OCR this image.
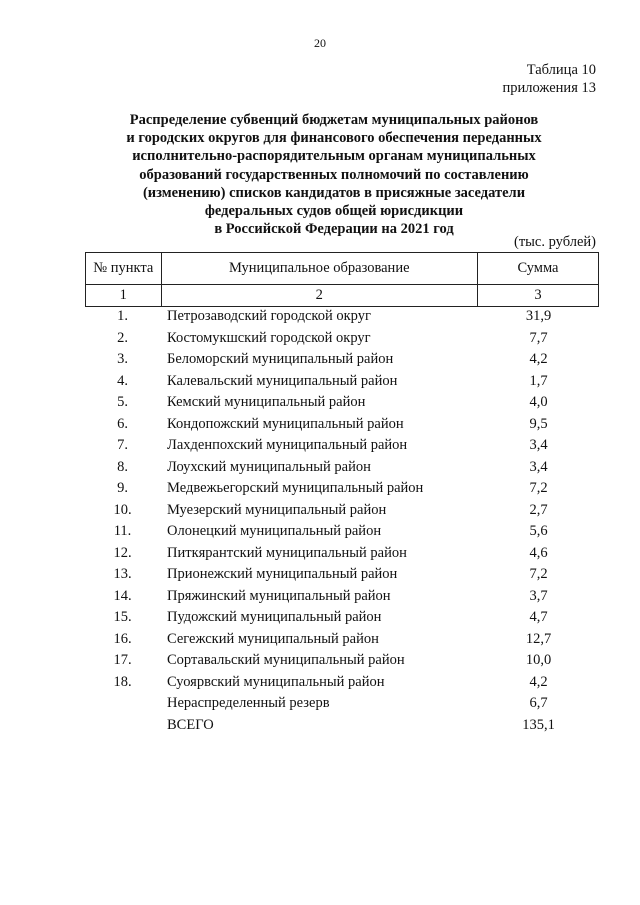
20
Таблица 10
приложения 13
Распределение субвенций бюджетам муниципальных районов
и городских округов для финансового обеспечения переданных
исполнительно-распорядительным органам муниципальных
образований государственных полномочий по составлению
(изменению) списков кандидатов в присяжные заседатели
федеральных судов общей юрисдикции
в Российской Федерации на 2021 год
(тыс. рублей)
№ пункта	Муниципальное образование	Сумма
1	2	3
1.	Петрозаводский городской округ	31,9
2.	Костомукшский городской округ	7,7
3.	Беломорский муниципальный район	4,2
4.	Калевальский муниципальный район	1,7
5.	Кемский муниципальный район	4,0
6.	Кондопожский муниципальный район	9,5
7.	Лахденпохский муниципальный район	3,4
8.	Лоухский муниципальный район	3,4
9.	Медвежьегорский муниципальный район	7,2
10.	Муезерский муниципальный район	2,7
11.	Олонецкий муниципальный район	5,6
12.	Питкярантский муниципальный район	4,6
13.	Прионежский муниципальный район	7,2
14.	Пряжинский муниципальный район	3,7
15.	Пудожский муниципальный район	4,7
16.	Сегежский муниципальный район	12,7
17.	Сортавальский муниципальный район	10,0
18.	Суоярвский муниципальный район	4,2
Нераспределенный резерв	6,7
ВСЕГО	135,1
